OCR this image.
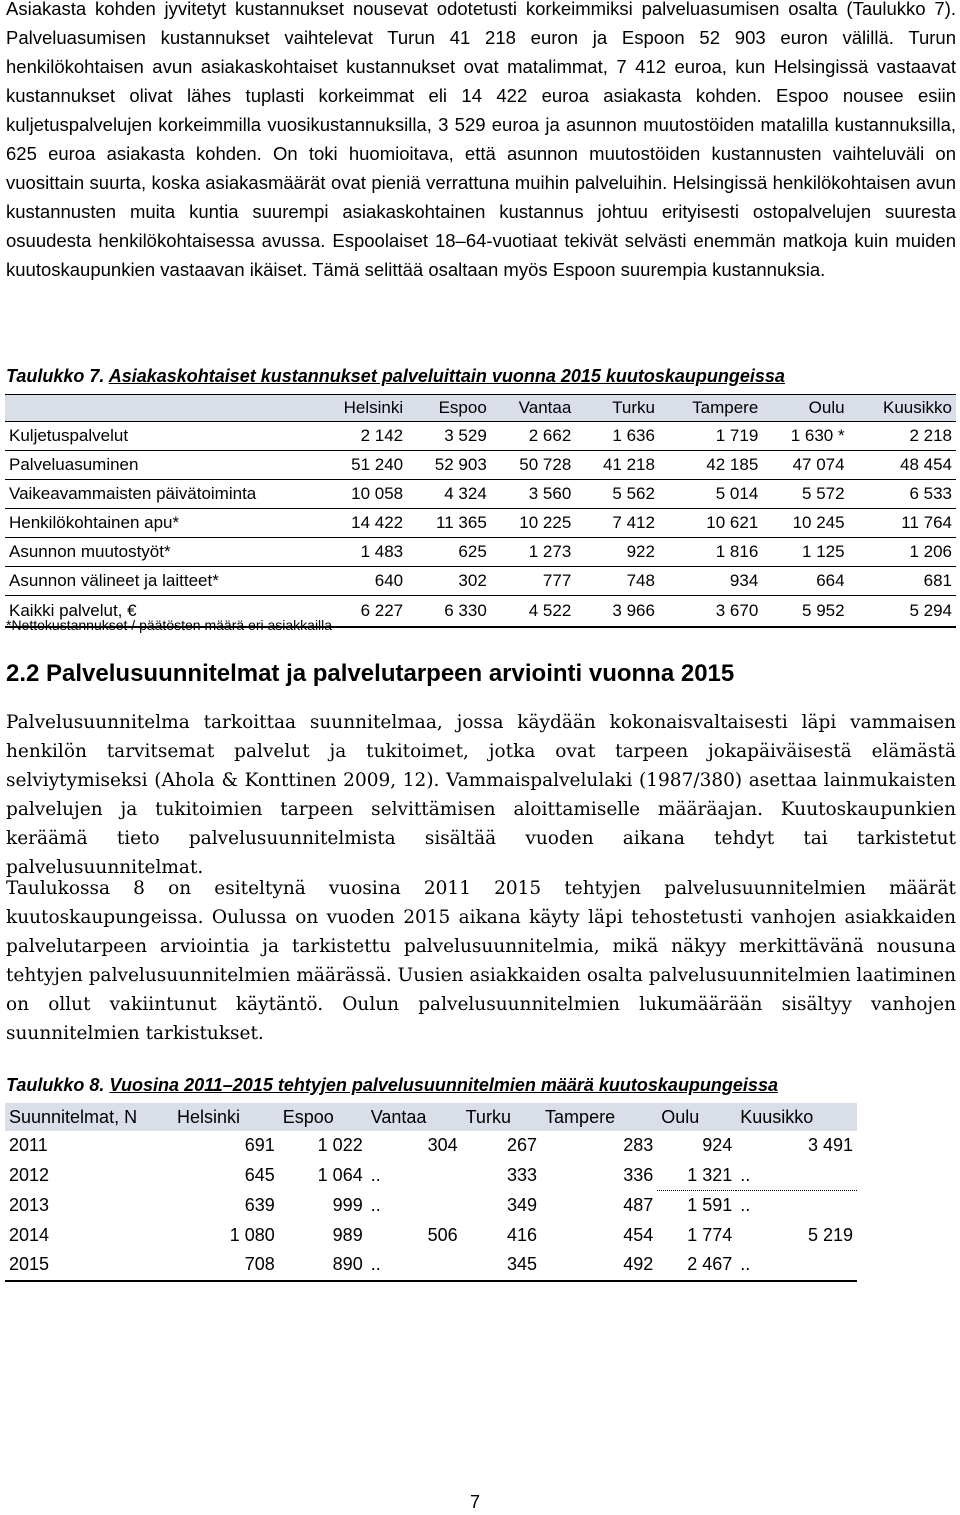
Asiakasta kohden jyvitetyt kustannukset nousevat odotetusti korkeimmiksi palveluasumisen osalta (Taulukko 7). Palveluasumisen kustannukset vaihtelevat Turun 41 218 euron ja Espoon 52 903 euron välillä. Turun henkilökohtaisen avun asiakaskohtaiset kustannukset ovat matalimmat, 7 412 euroa, kun Helsingissä vastaavat kustannukset olivat lähes tuplasti korkeimmat eli 14 422 euroa asiakasta kohden. Espoo nousee esiin kuljetuspalvelujen korkeimmilla vuosikustannuksilla, 3 529 euroa ja asunnon muutostöiden matalilla kustannuksilla, 625 euroa asiakasta kohden. On toki huomioitava, että asunnon muutostöiden kustannusten vaihteluväli on vuosittain suurta, koska asiakasmäärät ovat pieniä verrattuna muihin palveluihin. Helsingissä henkilökohtaisen avun kustannusten muita kuntia suurempi asiakaskohtainen kustannus johtuu erityisesti ostopalvelujen suuresta osuudesta henkilökohtaisessa avussa. Espoolaiset 18–64-vuotiaat tekivät selvästi enemmän matkoja kuin muiden kuutoskaupunkien vastaavan ikäiset. Tämä selittää osaltaan myös Espoon suurempia kustannuksia.

Taulukko 7. Asiakaskohtaiset kustannukset palveluittain vuonna 2015 kuutoskaupungeissa
	Helsinki	Espoo	Vantaa	Turku	Tampere	Oulu	Kuusikko
Kuljetuspalvelut	2 142	3 529	2 662	1 636	1 719	1 630 *	2 218
Palveluasuminen	51 240	52 903	50 728	41 218	42 185	47 074	48 454
Vaikeavammaisten päivätoiminta	10 058	4 324	3 560	5 562	5 014	5 572	6 533
Henkilökohtainen apu*	14 422	11 365	10 225	7 412	10 621	10 245	11 764
Asunnon muutostyöt*	1 483	625	1 273	922	1 816	1 125	1 206
Asunnon välineet ja laitteet*	640	302	777	748	934	664	681
Kaikki palvelut, €	6 227	6 330	4 522	3 966	3 670	5 952	5 294
*Nettokustannukset / päätösten määrä eri asiakkailla
2.2 Palvelusuunnitelmat ja palvelutarpeen arviointi vuonna 2015

Palvelusuunnitelma tarkoittaa suunnitelmaa, jossa käydään kokonaisvaltaisesti läpi vammaisen henkilön tarvitsemat palvelut ja tukitoimet, jotka ovat tarpeen jokapäiväisestä elämästä selviytymiseksi (Ahola & Konttinen 2009, 12). Vammaispalvelulaki (1987/380) asettaa lainmukaisten palvelujen ja tukitoimien tarpeen selvittämisen aloittamiselle määräajan. Kuutoskaupunkien keräämä tieto palvelusuunnitelmista sisältää vuoden aikana tehdyt tai tarkistetut palvelusuunnitelmat.

Taulukossa 8 on esiteltynä vuosina 2011 2015 tehtyjen palvelusuunnitelmien määrät kuutoskaupungeissa. Oulussa on vuoden 2015 aikana käyty läpi tehostetusti vanhojen asiakkaiden palvelutarpeen arviointia ja tarkistettu palvelusuunnitelmia, mikä näkyy merkittävänä nousuna tehtyjen palvelusuunnitelmien määrässä. Uusien asiakkaiden osalta palvelusuunnitelmien laatiminen on ollut vakiintunut käytäntö. Oulun palvelusuunnitelmien lukumäärään sisältyy vanhojen suunnitelmien tarkistukset.

Taulukko 8. Vuosina 2011–2015 tehtyjen palvelusuunnitelmien määrä kuutoskaupungeissa
Suunnitelmat, N	Helsinki	Espoo	Vantaa	Turku	Tampere	Oulu	Kuusikko
2011	691	1 022	304	267	283	924	3 491
2012	645	1 064	..	333	336	1 321	..
2013	639	999	..	349	487	1 591	..
2014	1 080	989	506	416	454	1 774	5 219
2015	708	890	..	345	492	2 467	..
7
